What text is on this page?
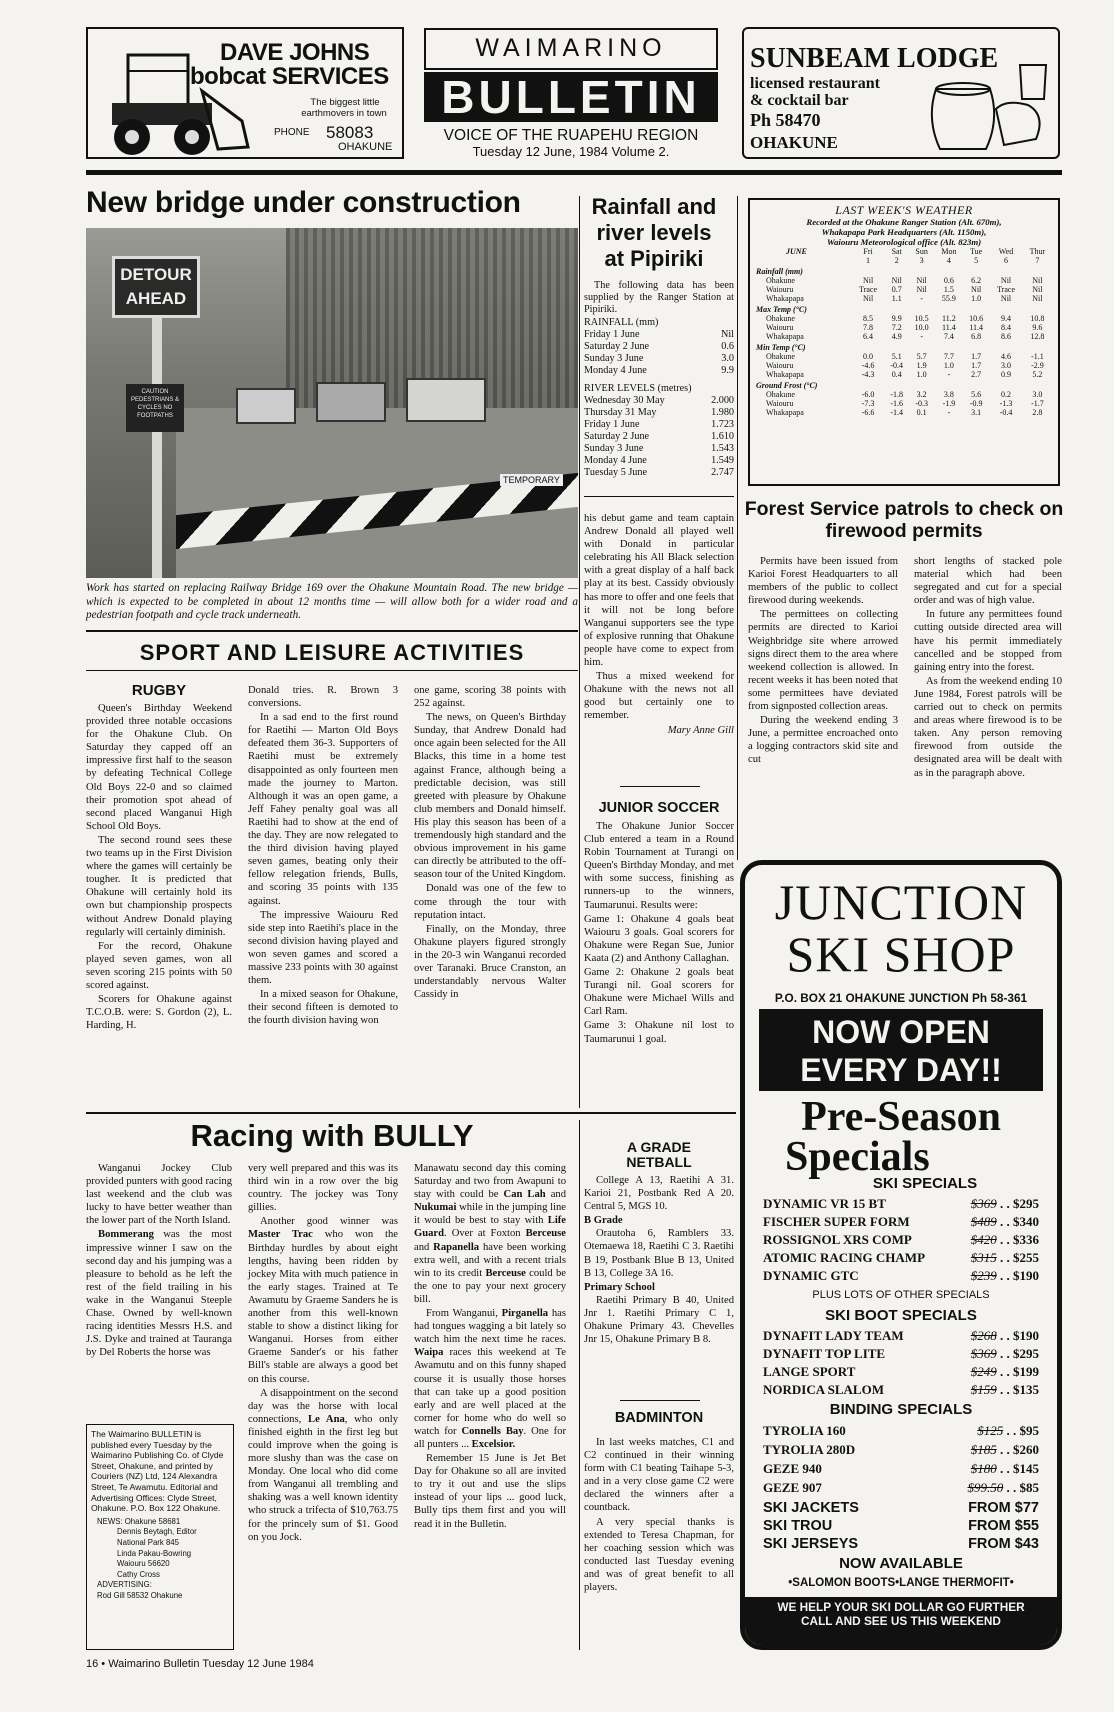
DAVE JOHNS
bobcat SERVICES
The biggest little
earthmovers in town
PHONE 58083
OHAKUNE
WAIMARINO
BULLETIN
VOICE OF THE RUAPEHU REGION
Tuesday 12 June, 1984 Volume 2.
SUNBEAM LODGE
licensed restaurant
& cocktail bar
Ph 58470
OHAKUNE
New bridge under construction
DETOUR
AHEAD
CAUTION PEDESTRIANS & CYCLES NO FOOTPATHS
TEMPORARY
Work has started on replacing Railway Bridge 169 over the Ohakune Mountain Road. The new bridge — which is expected to be completed in about 12 months time — will allow both for a wider road and a pedestrian footpath and cycle track underneath.
Rainfall and river levels at Pipiriki

The following data has been supplied by the Ranger Station at Pipiriki.

RAINFALL (mm)
Friday 1 June	Nil
Saturday 2 June	0.6
Sunday 3 June	3.0
Monday 4 June	9.9
RIVER LEVELS (metres)
Wednesday 30 May	2.000
Thursday 31 May	1.980
Friday 1 June	1.723
Saturday 2 June	1.610
Sunday 3 June	1.543
Monday 4 June	1.549
Tuesday 5 June	2.747
LAST WEEK'S WEATHER
Recorded at the Ohakune Ranger Station (Alt. 670m),
Whakapapa Park Headquarters (Alt. 1150m),
Waiouru Meteorological office (Alt. 823m)
JUNE	Fri	Sat	Sun	Mon	Tue	Wed	Thur
	1	2	3	4	5	6	7
Rainfall (mm)							
Ohakune	Nil	Nil	Nil	0.6	6.2	Nil	Nil
Waiouru	Trace	0.7	Nil	1.5	Nil	Trace	Nil
Whakapapa	Nil	1.1	-	55.9	1.0	Nil	Nil
Max Temp (°C)							
Ohakune	8.5	9.9	10.5	11.2	10.6	9.4	10.8
Waiouru	7.8	7.2	10.0	11.4	11.4	8.4	9.6
Whakapapa	6.4	4.9	-	7.4	6.8	8.6	12.8
Min Temp (°C)							
Ohakune	0.0	5.1	5.7	7.7	1.7	4.6	-1.1
Waiouru	-4.6	-0.4	1.9	1.0	1.7	3.0	-2.9
Whakapapa	-4.3	0.4	1.0	-	2.7	0.9	5.2
Ground Frost (°C)							
Ohakune	-6.0	-1.8	3.2	3.8	5.6	0.2	3.0
Waiouru	-7.3	-1.6	-0.3	-1.9	-0.9	-1.3	-1.7
Whakapapa	-6.6	-1.4	0.1	-	3.1	-0.4	2.8
SPORT AND LEISURE ACTIVITIES
RUGBY

Queen's Birthday Weekend provided three notable occasions for the Ohakune Club. On Saturday they capped off an impressive first half to the season by defeating Technical College Old Boys 22-0 and so claimed their promotion spot ahead of second placed Wanganui High School Old Boys.

The second round sees these two teams up in the First Division where the games will certainly be tougher. It is predicted that Ohakune will certainly hold its own but championship prospects without Andrew Donald playing regularly will certainly diminish.

For the record, Ohakune played seven games, won all seven scoring 215 points with 50 scored against.

Scorers for Ohakune against T.C.O.B. were: S. Gordon (2), L. Harding, H.

Donald tries. R. Brown 3 conversions.

In a sad end to the first round for Raetihi — Marton Old Boys defeated them 36-3. Supporters of Raetihi must be extremely disappointed as only fourteen men made the journey to Marton. Although it was an open game, a Jeff Fahey penalty goal was all Raetihi had to show at the end of the day. They are now relegated to the third division having played seven games, beating only their fellow relegation friends, Bulls, and scoring 35 points with 135 against.

The impressive Waiouru Red side step into Raetihi's place in the second division having played and won seven games and scored a massive 233 points with 30 against them.

In a mixed season for Ohakune, their second fifteen is demoted to the fourth division having won

one game, scoring 38 points with 252 against.

The news, on Queen's Birthday Sunday, that Andrew Donald had once again been selected for the All Blacks, this time in a home test against France, although being a predictable decision, was still greeted with pleasure by Ohakune club members and Donald himself. His play this season has been of a tremendously high standard and the obvious improvement in his game can directly be attributed to the off-season tour of the United Kingdom.

Donald was one of the few to come through the tour with reputation intact.

Finally, on the Monday, three Ohakune players figured strongly in the 20-3 win Wanganui recorded over Taranaki. Bruce Cranston, an understandably nervous Walter Cassidy in

his debut game and team captain Andrew Donald all played well with Donald in particular celebrating his All Black selection with a great display of a half back play at its best. Cassidy obviously has more to offer and one feels that it will not be long before Wanganui supporters see the type of explosive running that Ohakune people have come to expect from him.

Thus a mixed weekend for Ohakune with the news not all good but certainly one to remember.

Mary Anne Gill

JUNIOR SOCCER

The Ohakune Junior Soccer Club entered a team in a Round Robin Tournament at Turangi on Queen's Birthday Monday, and met with some success, finishing as runners-up to the winners, Taumarunui. Results were:

Game 1: Ohakune 4 goals beat Waiouru 3 goals. Goal scorers for Ohakune were Regan Sue, Junior Kaata (2) and Anthony Callaghan.

Game 2: Ohakune 2 goals beat Turangi nil. Goal scorers for Ohakune were Michael Wills and Carl Ram.

Game 3: Ohakune nil lost to Taumarunui 1 goal.

Forest Service patrols to check on firewood permits

Permits have been issued from Karioi Forest Headquarters to all members of the public to collect firewood during weekends.

The permittees on collecting permits are directed to Karioi Weighbridge site where arrowed signs direct them to the area where weekend collection is allowed. In recent weeks it has been noted that some permittees have deviated from signposted collection areas.

During the weekend ending 3 June, a permittee encroached onto a logging contractors skid site and cut

short lengths of stacked pole material which had been segregated and cut for a special order and was of high value.

In future any permittees found cutting outside directed area will have his permit immediately cancelled and be stopped from gaining entry into the forest.

As from the weekend ending 10 June 1984, Forest patrols will be carried out to check on permits and areas where firewood is to be taken. Any person removing firewood from outside the designated area will be dealt with as in the paragraph above.

Racing with BULLY

Wanganui Jockey Club provided punters with good racing last weekend and the club was lucky to have better weather than the lower part of the North Island.

Bommerang was the most impressive winner I saw on the second day and his jumping was a pleasure to behold as he left the rest of the field trailing in his wake in the Wanganui Steeple Chase. Owned by well-known racing identities Messrs H.S. and J.S. Dyke and trained at Tauranga by Del Roberts the horse was

very well prepared and this was its third win in a row over the big country. The jockey was Tony gillies.

Another good winner was Master Trac who won the Birthday hurdles by about eight lengths, having been ridden by jockey Mita with much patience in the early stages. Trained at Te Awamutu by Graeme Sanders he is another from this well-known stable to show a distinct liking for Wanganui. Horses from either Graeme Sander's or his father Bill's stable are always a good bet on this course.

A disappointment on the second day was the horse with local connections, Le Ana, who only finished eighth in the first leg but could improve when the going is more slushy than was the case on Monday. One local who did come from Wanganui all trembling and shaking was a well known identity who struck a trifecta of $10,763.75 for the princely sum of $1. Good on you Jock.

Manawatu second day this coming Saturday and two from Awapuni to stay with could be Can Lah and Nukumai while in the jumping line it would be best to stay with Life Guard. Over at Foxton Berceuse and Rapanella have been working extra well, and with a recent trials win to its credit Berceuse could be the one to pay your next grocery bill.

From Wanganui, Pirganella has had tongues wagging a bit lately so watch him the next time he races. Waipa races this weekend at Te Awamutu and on this funny shaped course it is usually those horses that can take up a good position early and are well placed at the corner for home who do well so watch for Connells Bay. One for all punters ... Excelsior.

Remember 15 June is Jet Bet Day for Ohakune so all are invited to try it out and use the slips instead of your lips ... good luck, Bully tips them first and you will read it in the Bulletin.

The Waimarino BULLETIN is published every Tuesday by the Waimarino Publishing Co. of Clyde Street, Ohakune, and printed by Couriers (NZ) Ltd, 124 Alexandra Street, Te Awamutu. Editorial and Advertising Offices: Clyde Street, Ohakune. P.O. Box 122 Ohakune.
NEWS: Ohakune 58681
Dennis Beytagh, Editor
National Park 845
Linda Pakau-Bowring
Waiouru 56620
Cathy Cross
ADVERTISING:
Rod Gill 58532 Ohakune
A GRADE
NETBALL

College A 13, Raetihi A 31. Karioi 21, Postbank Red A 20. Central 5, MGS 10.

B Grade

Orautoha 6, Ramblers 33. Otemaewa 18, Raetihi C 3. Raetihi B 19, Postbank Blue B 13, United B 13, College 3A 16.

Primary School

Raetihi Primary B 40, United Jnr 1. Raetihi Primary C 1, Ohakune Primary 43. Chevelles Jnr 15, Ohakune Primary B 8.

BADMINTON

In last weeks matches, C1 and C2 continued in their winning form with C1 beating Taihape 5-3, and in a very close game C2 were declared the winners after a countback.

A very special thanks is extended to Teresa Chapman, for her coaching session which was conducted last Tuesday evening and was of great benefit to all players.

JUNCTION
SKI SHOP
P.O. BOX 21 OHAKUNE JUNCTION Ph 58-361
NOW OPEN
EVERY DAY!!
Pre-Season
Specials
SKI SPECIALS
DYNAMIC VR 15 BT	$369 . . $295
FISCHER SUPER FORM	$489 . . $340
ROSSIGNOL XRS COMP	$420 . . $336
ATOMIC RACING CHAMP	$315 . . $255
DYNAMIC GTC	$239 . . $190
PLUS LOTS OF OTHER SPECIALS
SKI BOOT SPECIALS
DYNAFIT LADY TEAM	$268 . . $190
DYNAFIT TOP LITE	$369 . . $295
LANGE SPORT	$249 . . $199
NORDICA SLALOM	$159 . . $135
BINDING SPECIALS
TYROLIA 160	$125 . . $95
TYROLIA 280D	$185 . . $260
GEZE 940	$180 . . $145
GEZE 907	$99.50 . . $85
SKI JACKETS	FROM $77
SKI TROU	FROM $55
SKI JERSEYS	FROM $43
NOW AVAILABLE
•SALOMON BOOTS•LANGE THERMOFIT•
WE HELP YOUR SKI DOLLAR GO FURTHER
CALL AND SEE US THIS WEEKEND
16 • Waimarino Bulletin Tuesday 12 June 1984
